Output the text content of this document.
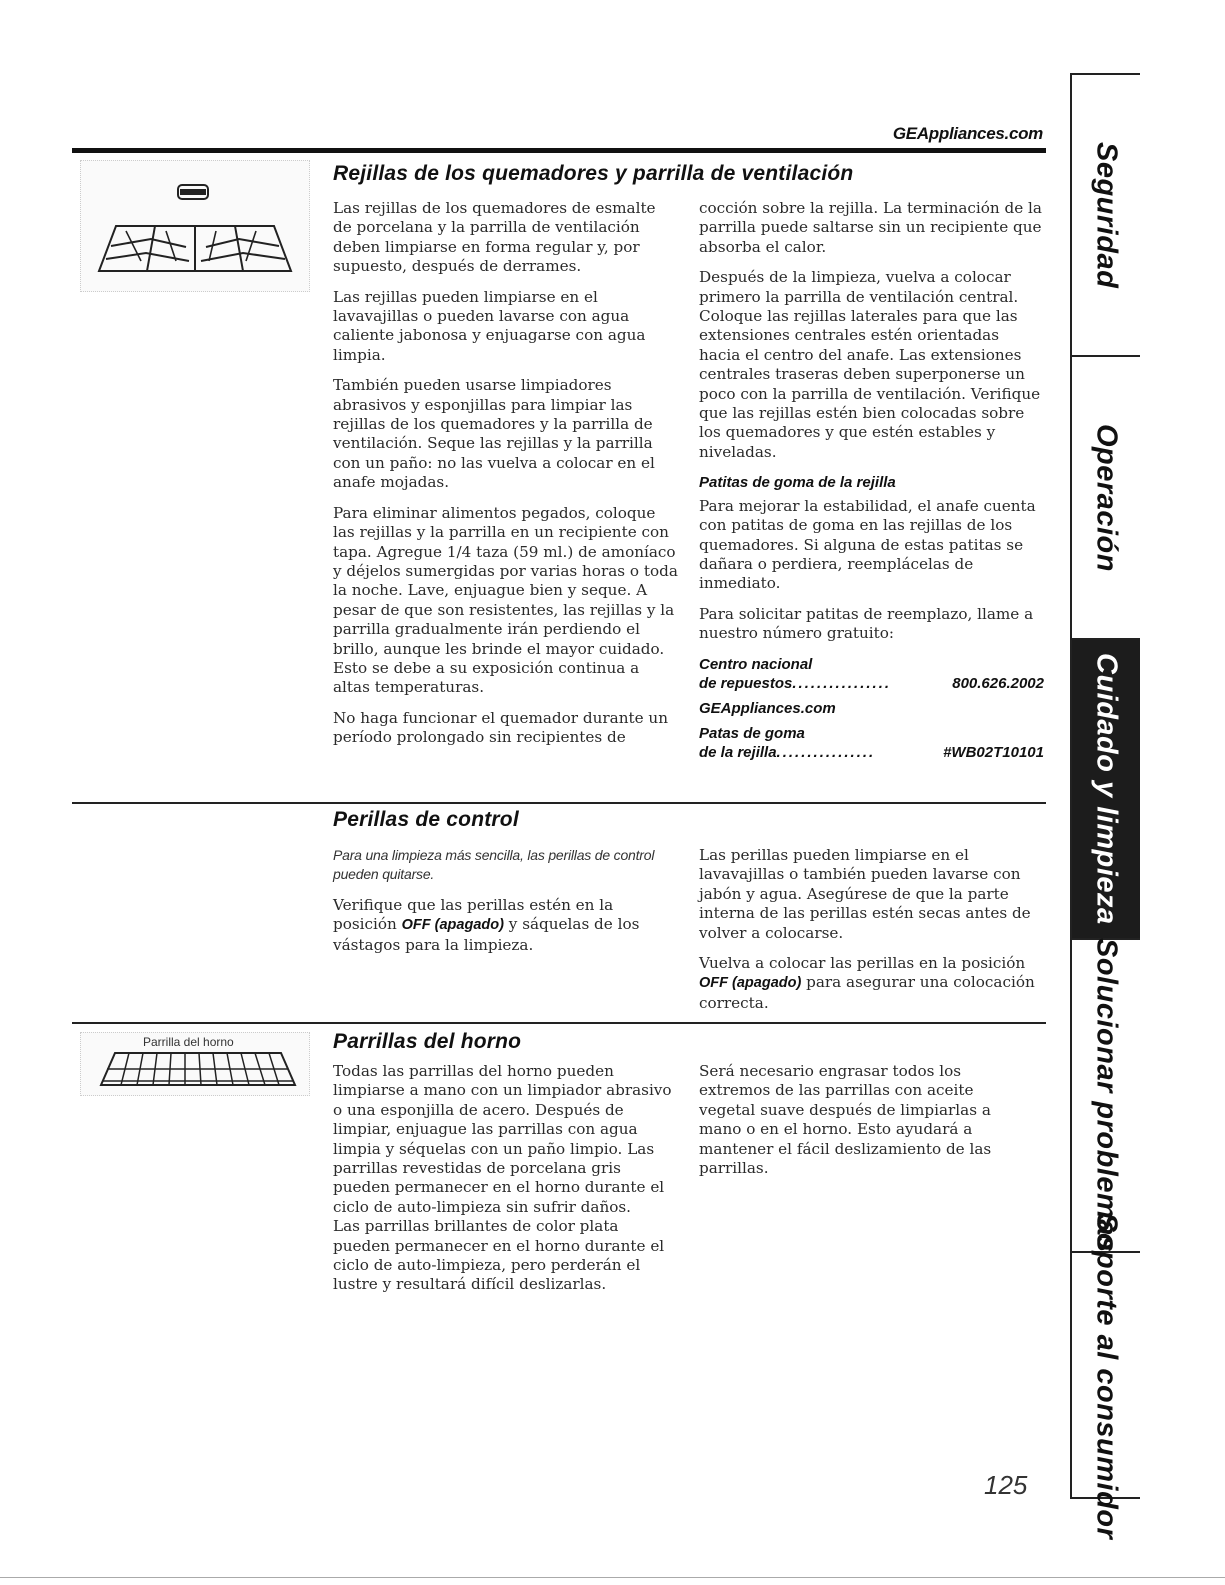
GEAppliances.com
Rejillas de los quemadores y parrilla de ventilación

Las rejillas de los quemadores de esmalte de porcelana y la parrilla de ventilación deben limpiarse en forma regular y, por supuesto, después de derrames.

Las rejillas pueden limpiarse en el lavavajillas o pueden lavarse con agua caliente jabonosa y enjuagarse con agua limpia.

También pueden usarse limpiadores abrasivos y esponjillas para limpiar las rejillas de los quemadores y la parrilla de ventilación. Seque las rejillas y la parrilla con un paño: no las vuelva a colocar en el anafe mojadas.

Para eliminar alimentos pegados, coloque las rejillas y la parrilla en un recipiente con tapa. Agregue 1/4 taza (59 ml.) de amoníaco y déjelos sumergidas por varias horas o toda la noche. Lave, enjuague bien y seque. A pesar de que son resistentes, las rejillas y la parrilla gradualmente irán perdiendo el brillo, aunque les brinde el mayor cuidado. Esto se debe a su exposición continua a altas temperaturas.

No haga funcionar el quemador durante un período prolongado sin recipientes de

cocción sobre la rejilla. La terminación de la parrilla puede saltarse sin un recipiente que absorba el calor.

Después de la limpieza, vuelva a colocar primero la parrilla de ventilación central. Coloque las rejillas laterales para que las extensiones centrales estén orientadas hacia el centro del anafe. Las extensiones centrales traseras deben superponerse un poco con la parrilla de ventilación. Verifique que las rejillas estén bien colocadas sobre los quemadores y que estén estables y niveladas.

Patitas de goma de la rejilla

Para mejorar la estabilidad, el anafe cuenta con patitas de goma en las rejillas de los quemadores. Si alguna de estas patitas se dañara o perdiera, reemplácelas de inmediato.

Para solicitar patitas de reemplazo, llame a nuestro número gratuito:

Centro nacional
de repuestos ................	800.626.2002
GEAppliances.com
Patas de goma
de la rejilla ................	#WB02T10101
Perillas de control

Para una limpieza más sencilla, las perillas de control pueden quitarse.

Verifique que las perillas estén en la posición OFF (apagado) y sáquelas de los vástagos para la limpieza.

Las perillas pueden limpiarse en el lavavajillas o también pueden lavarse con jabón y agua. Asegúrese de que la parte interna de las perillas estén secas antes de volver a colocarse.

Vuelva a colocar las perillas en la posición OFF (apagado) para asegurar una colocación correcta.

Parrilla del horno	Parrillas del horno

Todas las parrillas del horno pueden limpiarse a mano con un limpiador abrasivo o una esponjilla de acero. Después de limpiar, enjuague las parrillas con agua limpia y séquelas con un paño limpio. Las parrillas revestidas de porcelana gris pueden permanecer en el horno durante el ciclo de auto-limpieza sin sufrir daños.

Las parrillas brillantes de color plata pueden permanecer en el horno durante el ciclo de auto-limpieza, pero perderán el lustre y resultará difícil deslizarlas.

Será necesario engrasar todos los extremos de las parrillas con aceite vegetal suave después de limpiarlas a mano o en el horno. Esto ayudará a mantener el fácil deslizamiento de las parrillas.

125
Seguridad
Operación
Cuidado y limpieza
Solucionar problemas
Soporte al consumidor
